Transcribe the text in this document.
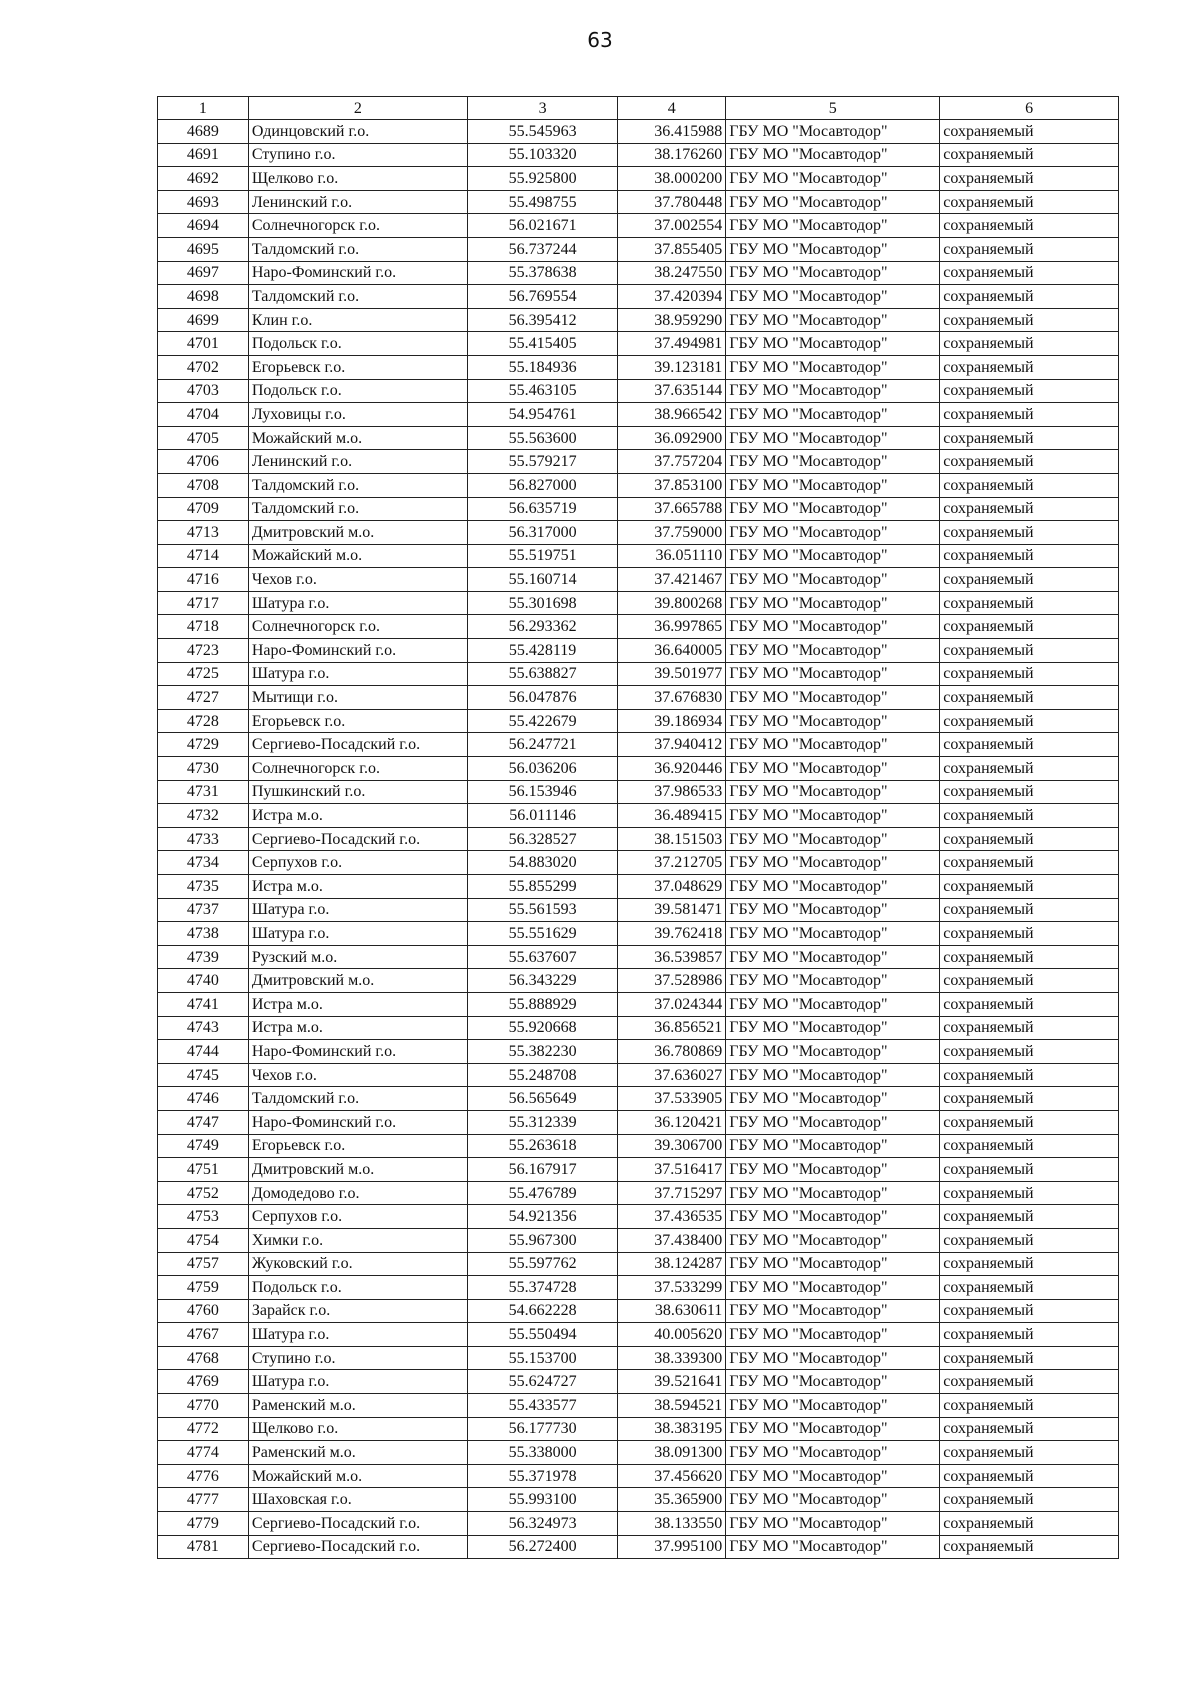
63
1	2	3	4	5	6
4689	Одинцовский г.о.	55.545963	36.415988	ГБУ МО "Мосавтодор"	сохраняемый
4691	Ступино г.о.	55.103320	38.176260	ГБУ МО "Мосавтодор"	сохраняемый
4692	Щелково г.о.	55.925800	38.000200	ГБУ МО "Мосавтодор"	сохраняемый
4693	Ленинский г.о.	55.498755	37.780448	ГБУ МО "Мосавтодор"	сохраняемый
4694	Солнечногорск г.о.	56.021671	37.002554	ГБУ МО "Мосавтодор"	сохраняемый
4695	Талдомский г.о.	56.737244	37.855405	ГБУ МО "Мосавтодор"	сохраняемый
4697	Наро-Фоминский г.о.	55.378638	38.247550	ГБУ МО "Мосавтодор"	сохраняемый
4698	Талдомский г.о.	56.769554	37.420394	ГБУ МО "Мосавтодор"	сохраняемый
4699	Клин г.о.	56.395412	38.959290	ГБУ МО "Мосавтодор"	сохраняемый
4701	Подольск г.о.	55.415405	37.494981	ГБУ МО "Мосавтодор"	сохраняемый
4702	Егорьевск г.о.	55.184936	39.123181	ГБУ МО "Мосавтодор"	сохраняемый
4703	Подольск г.о.	55.463105	37.635144	ГБУ МО "Мосавтодор"	сохраняемый
4704	Луховицы г.о.	54.954761	38.966542	ГБУ МО "Мосавтодор"	сохраняемый
4705	Можайский м.о.	55.563600	36.092900	ГБУ МО "Мосавтодор"	сохраняемый
4706	Ленинский г.о.	55.579217	37.757204	ГБУ МО "Мосавтодор"	сохраняемый
4708	Талдомский г.о.	56.827000	37.853100	ГБУ МО "Мосавтодор"	сохраняемый
4709	Талдомский г.о.	56.635719	37.665788	ГБУ МО "Мосавтодор"	сохраняемый
4713	Дмитровский м.о.	56.317000	37.759000	ГБУ МО "Мосавтодор"	сохраняемый
4714	Можайский м.о.	55.519751	36.051110	ГБУ МО "Мосавтодор"	сохраняемый
4716	Чехов г.о.	55.160714	37.421467	ГБУ МО "Мосавтодор"	сохраняемый
4717	Шатура г.о.	55.301698	39.800268	ГБУ МО "Мосавтодор"	сохраняемый
4718	Солнечногорск г.о.	56.293362	36.997865	ГБУ МО "Мосавтодор"	сохраняемый
4723	Наро-Фоминский г.о.	55.428119	36.640005	ГБУ МО "Мосавтодор"	сохраняемый
4725	Шатура г.о.	55.638827	39.501977	ГБУ МО "Мосавтодор"	сохраняемый
4727	Мытищи г.о.	56.047876	37.676830	ГБУ МО "Мосавтодор"	сохраняемый
4728	Егорьевск г.о.	55.422679	39.186934	ГБУ МО "Мосавтодор"	сохраняемый
4729	Сергиево-Посадский г.о.	56.247721	37.940412	ГБУ МО "Мосавтодор"	сохраняемый
4730	Солнечногорск г.о.	56.036206	36.920446	ГБУ МО "Мосавтодор"	сохраняемый
4731	Пушкинский г.о.	56.153946	37.986533	ГБУ МО "Мосавтодор"	сохраняемый
4732	Истра м.о.	56.011146	36.489415	ГБУ МО "Мосавтодор"	сохраняемый
4733	Сергиево-Посадский г.о.	56.328527	38.151503	ГБУ МО "Мосавтодор"	сохраняемый
4734	Серпухов г.о.	54.883020	37.212705	ГБУ МО "Мосавтодор"	сохраняемый
4735	Истра м.о.	55.855299	37.048629	ГБУ МО "Мосавтодор"	сохраняемый
4737	Шатура г.о.	55.561593	39.581471	ГБУ МО "Мосавтодор"	сохраняемый
4738	Шатура г.о.	55.551629	39.762418	ГБУ МО "Мосавтодор"	сохраняемый
4739	Рузский м.о.	55.637607	36.539857	ГБУ МО "Мосавтодор"	сохраняемый
4740	Дмитровский м.о.	56.343229	37.528986	ГБУ МО "Мосавтодор"	сохраняемый
4741	Истра м.о.	55.888929	37.024344	ГБУ МО "Мосавтодор"	сохраняемый
4743	Истра м.о.	55.920668	36.856521	ГБУ МО "Мосавтодор"	сохраняемый
4744	Наро-Фоминский г.о.	55.382230	36.780869	ГБУ МО "Мосавтодор"	сохраняемый
4745	Чехов г.о.	55.248708	37.636027	ГБУ МО "Мосавтодор"	сохраняемый
4746	Талдомский г.о.	56.565649	37.533905	ГБУ МО "Мосавтодор"	сохраняемый
4747	Наро-Фоминский г.о.	55.312339	36.120421	ГБУ МО "Мосавтодор"	сохраняемый
4749	Егорьевск г.о.	55.263618	39.306700	ГБУ МО "Мосавтодор"	сохраняемый
4751	Дмитровский м.о.	56.167917	37.516417	ГБУ МО "Мосавтодор"	сохраняемый
4752	Домодедово г.о.	55.476789	37.715297	ГБУ МО "Мосавтодор"	сохраняемый
4753	Серпухов г.о.	54.921356	37.436535	ГБУ МО "Мосавтодор"	сохраняемый
4754	Химки г.о.	55.967300	37.438400	ГБУ МО "Мосавтодор"	сохраняемый
4757	Жуковский г.о.	55.597762	38.124287	ГБУ МО "Мосавтодор"	сохраняемый
4759	Подольск г.о.	55.374728	37.533299	ГБУ МО "Мосавтодор"	сохраняемый
4760	Зарайск г.о.	54.662228	38.630611	ГБУ МО "Мосавтодор"	сохраняемый
4767	Шатура г.о.	55.550494	40.005620	ГБУ МО "Мосавтодор"	сохраняемый
4768	Ступино г.о.	55.153700	38.339300	ГБУ МО "Мосавтодор"	сохраняемый
4769	Шатура г.о.	55.624727	39.521641	ГБУ МО "Мосавтодор"	сохраняемый
4770	Раменский м.о.	55.433577	38.594521	ГБУ МО "Мосавтодор"	сохраняемый
4772	Щелково г.о.	56.177730	38.383195	ГБУ МО "Мосавтодор"	сохраняемый
4774	Раменский м.о.	55.338000	38.091300	ГБУ МО "Мосавтодор"	сохраняемый
4776	Можайский м.о.	55.371978	37.456620	ГБУ МО "Мосавтодор"	сохраняемый
4777	Шаховская г.о.	55.993100	35.365900	ГБУ МО "Мосавтодор"	сохраняемый
4779	Сергиево-Посадский г.о.	56.324973	38.133550	ГБУ МО "Мосавтодор"	сохраняемый
4781	Сергиево-Посадский г.о.	56.272400	37.995100	ГБУ МО "Мосавтодор"	сохраняемый
